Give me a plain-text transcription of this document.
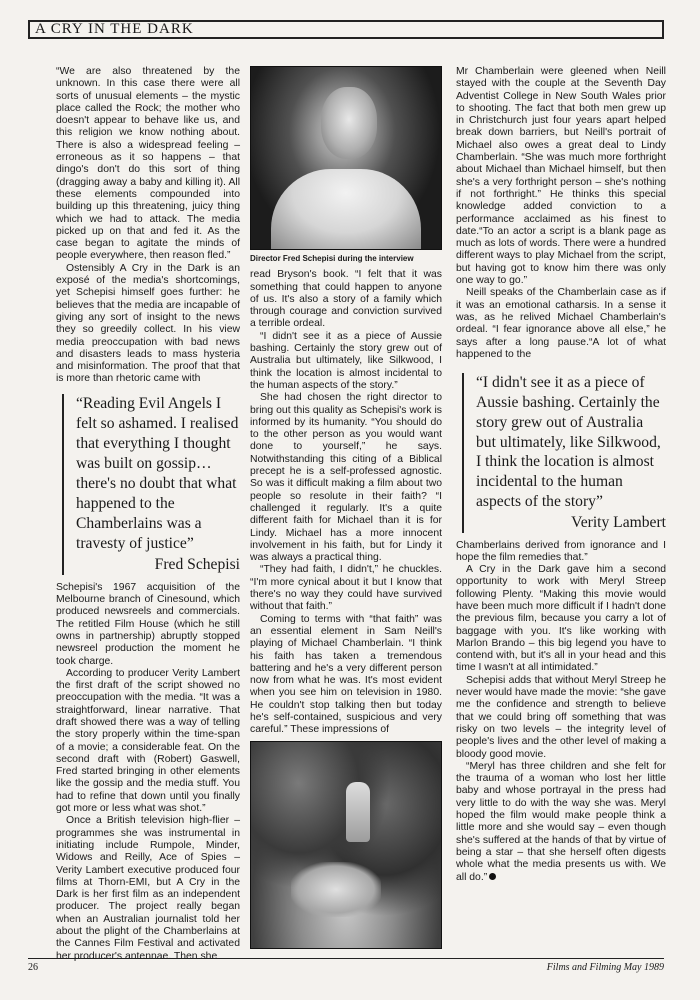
A CRY IN THE DARK

“We are also threatened by the unknown. In this case there were all sorts of unusual elements – the mystic place called the Rock; the mother who doesn't appear to behave like us, and this religion we know nothing about. There is also a widespread feeling – erroneous as it so happens – that dingo's don't do this sort of thing (dragging away a baby and killing it). All these elements compounded into building up this threatening, juicy thing which we had to attack. The media picked up on that and fed it. As the case began to agitate the minds of people everywhere, then reason fled.”

Ostensibly A Cry in the Dark is an exposé of the media's shortcomings, yet Schepisi himself goes further: he believes that the media are incapable of giving any sort of insight to the news they so greedily collect. In his view media preoccupation with bad news and disasters leads to mass hysteria and misinformation. The proof that that is more than rhetoric came with

“Reading Evil Angels I felt so ashamed. I realised that everything I thought was built on gossip… there's no doubt that what happened to the Chamberlains was a travesty of justice”
Fred Schepisi

Schepisi's 1967 acquisition of the Melbourne branch of Cinesound, which produced newsreels and commercials. The retitled Film House (which he still owns in partnership) abruptly stopped newsreel production the moment he took charge.

According to producer Verity Lambert the first draft of the script showed no preoccupation with the media. “It was a straightforward, linear narrative. That draft showed there was a way of telling the story properly within the time-span of a movie; a considerable feat. On the second draft with (Robert) Gaswell, Fred started bringing in other elements like the gossip and the media stuff. You had to refine that down until you finally got more or less what was shot.”

Once a British television high-flier – programmes she was instrumental in initiating include Rumpole, Minder, Widows and Reilly, Ace of Spies – Verity Lambert executive produced four films at Thorn-EMI, but A Cry in the Dark is her first film as an independent producer. The project really began when an Australian journalist told her about the plight of the Chamberlains at the Cannes Film Festival and activated her producer's antennae. Then she

Director Fred Schepisi during the interview

read Bryson's book. “I felt that it was something that could happen to anyone of us. It's also a story of a family which through courage and conviction survived a terrible ordeal.

“I didn't see it as a piece of Aussie bashing. Certainly the story grew out of Australia but ultimately, like Silkwood, I think the location is almost incidental to the human aspects of the story.”

She had chosen the right director to bring out this quality as Schepisi's work is informed by its humanity. “You should do to the other person as you would want done to yourself,” he says. Notwithstanding this citing of a Biblical precept he is a self-professed agnostic. So was it difficult making a film about two people so resolute in their faith? “I challenged it regularly. It's a quite different faith for Michael than it is for Lindy. Michael has a more innocent involvement in his faith, but for Lindy it was always a practical thing.

“They had faith, I didn't,” he chuckles. “I'm more cynical about it but I know that there's no way they could have survived without that faith.”

Coming to terms with “that faith” was an essential element in Sam Neill's playing of Michael Chamberlain. “I think his faith has taken a tremendous battering and he's a very different person now from what he was. It's most evident when you see him on television in 1980. He couldn't stop talking then but today he's self-contained, suspicious and very careful.” These impressions of

Mr Chamberlain were gleened when Neill stayed with the couple at the Seventh Day Adventist College in New South Wales prior to shooting. The fact that both men grew up in Christchurch just four years apart helped break down barriers, but Neill's portrait of Michael also owes a great deal to Lindy Chamberlain. “She was much more forthright about Michael than Michael himself, but then she's a very forthright person – she's nothing if not forthright.” He thinks this special knowledge added conviction to a performance acclaimed as his finest to date.“To an actor a script is a blank page as much as lots of words. There were a hundred different ways to play Michael from the script, but having got to know him there was only one way to go.”

Neill speaks of the Chamberlain case as if it was an emotional catharsis. In a sense it was, as he relived Michael Chamberlain's ordeal. “I fear ignorance above all else,” he says after a long pause.“A lot of what happened to the

“I didn't see it as a piece of Aussie bashing. Certainly the story grew out of Australia but ultimately, like Silkwood, I think the location is almost incidental to the human aspects of the story”
Verity Lambert

Chamberlains derived from ignorance and I hope the film remedies that.”

A Cry in the Dark gave him a second opportunity to work with Meryl Streep following Plenty. “Making this movie would have been much more difficult if I hadn't done the previous film, because you carry a lot of baggage with you. It's like working with Marlon Brando – this big legend you have to contend with, but it's all in your head and this time I wasn't at all intimidated.”

Schepisi adds that without Meryl Streep he never would have made the movie: “she gave me the confidence and strength to believe that we could bring off something that was risky on two levels – the integrity level of people's lives and the other level of making a bloody good movie.

“Meryl has three children and she felt for the trauma of a woman who lost her little baby and whose portrayal in the press had very little to do with the way she was. Meryl hoped the film would make people think a little more and she would say – even though she's suffered at the hands of that by virtue of being a star – that she herself often digests whole what the media presents us with. We all do.”

26	Films and Filming May 1989
